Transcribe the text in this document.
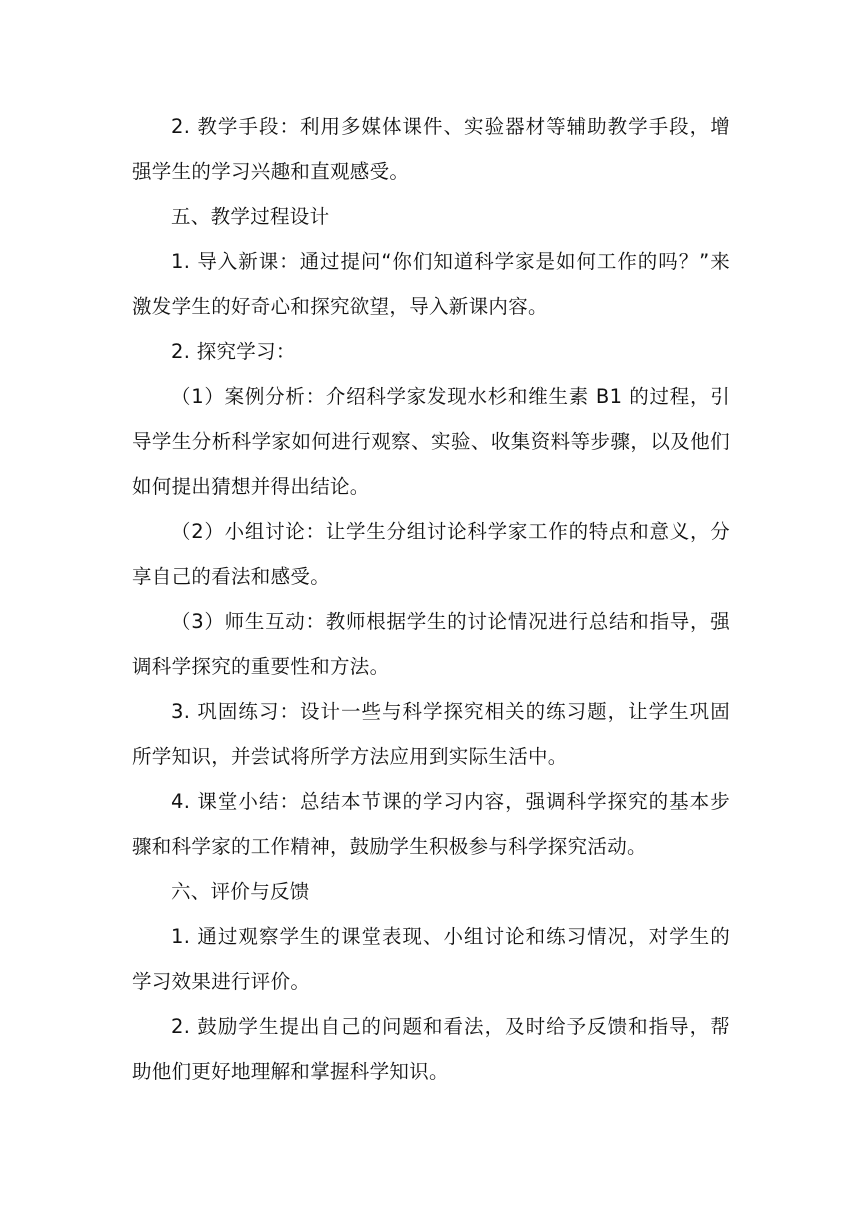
2. 教学手段：利用多媒体课件、实验器材等辅助教学手段，增强学生的学习兴趣和直观感受。

五、教学过程设计

1. 导入新课：通过提问“你们知道科学家是如何工作的吗？”来激发学生的好奇心和探究欲望，导入新课内容。

2. 探究学习：

（1）案例分析：介绍科学家发现水杉和维生素 B1 的过程，引导学生分析科学家如何进行观察、实验、收集资料等步骤，以及他们如何提出猜想并得出结论。

（2）小组讨论：让学生分组讨论科学家工作的特点和意义，分享自己的看法和感受。

（3）师生互动：教师根据学生的讨论情况进行总结和指导，强调科学探究的重要性和方法。

3. 巩固练习：设计一些与科学探究相关的练习题，让学生巩固所学知识，并尝试将所学方法应用到实际生活中。

4. 课堂小结：总结本节课的学习内容，强调科学探究的基本步骤和科学家的工作精神，鼓励学生积极参与科学探究活动。

六、评价与反馈

1. 通过观察学生的课堂表现、小组讨论和练习情况，对学生的学习效果进行评价。

2. 鼓励学生提出自己的问题和看法，及时给予反馈和指导，帮助他们更好地理解和掌握科学知识。
